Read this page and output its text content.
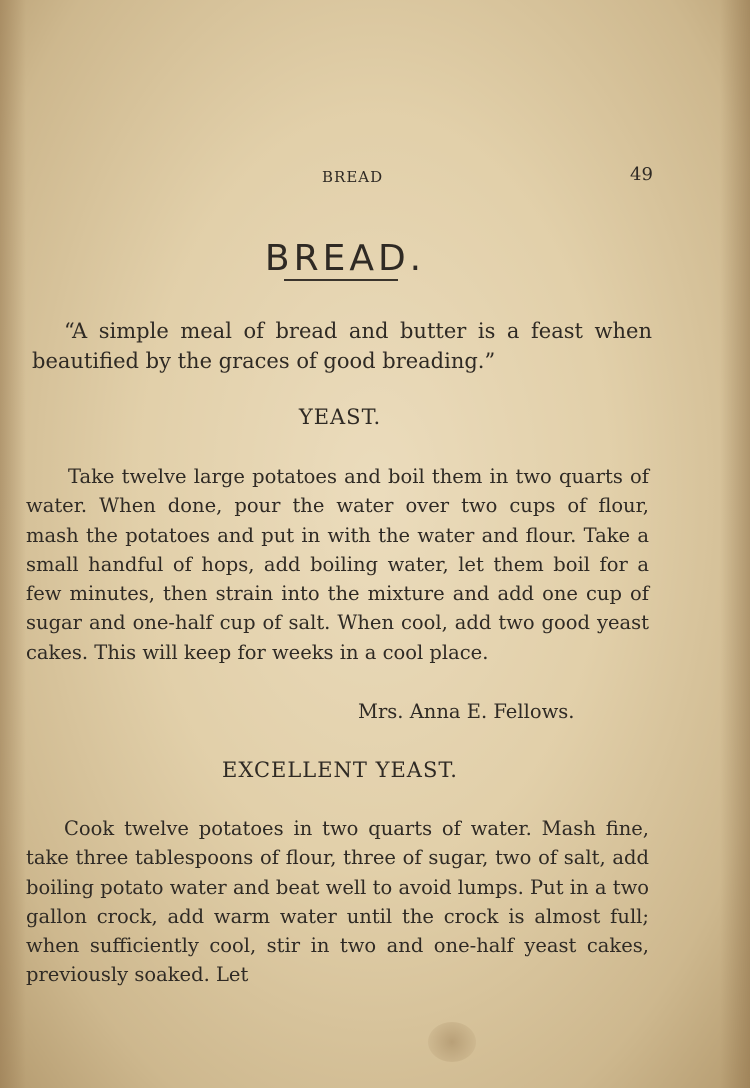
BREAD	49
BREAD.

“A simple meal of bread and butter is a feast when beautified by the graces of good breading.”

YEAST.

Take twelve large potatoes and boil them in two quarts of water. When done, pour the water over two cups of flour, mash the potatoes and put in with the water and flour. Take a small handful of hops, add boiling water, let them boil for a few minutes, then strain into the mixture and add one cup of sugar and one-half cup of salt. When cool, add two good yeast cakes. This will keep for weeks in a cool place.

Mrs. Anna E. Fellows.
EXCELLENT YEAST.

Cook twelve potatoes in two quarts of water. Mash fine, take three tablespoons of flour, three of sugar, two of salt, add boiling potato water and beat well to avoid lumps. Put in a two gallon crock, add warm water until the crock is almost full; when sufficiently cool, stir in two and one-half yeast cakes, previously soaked. Let
